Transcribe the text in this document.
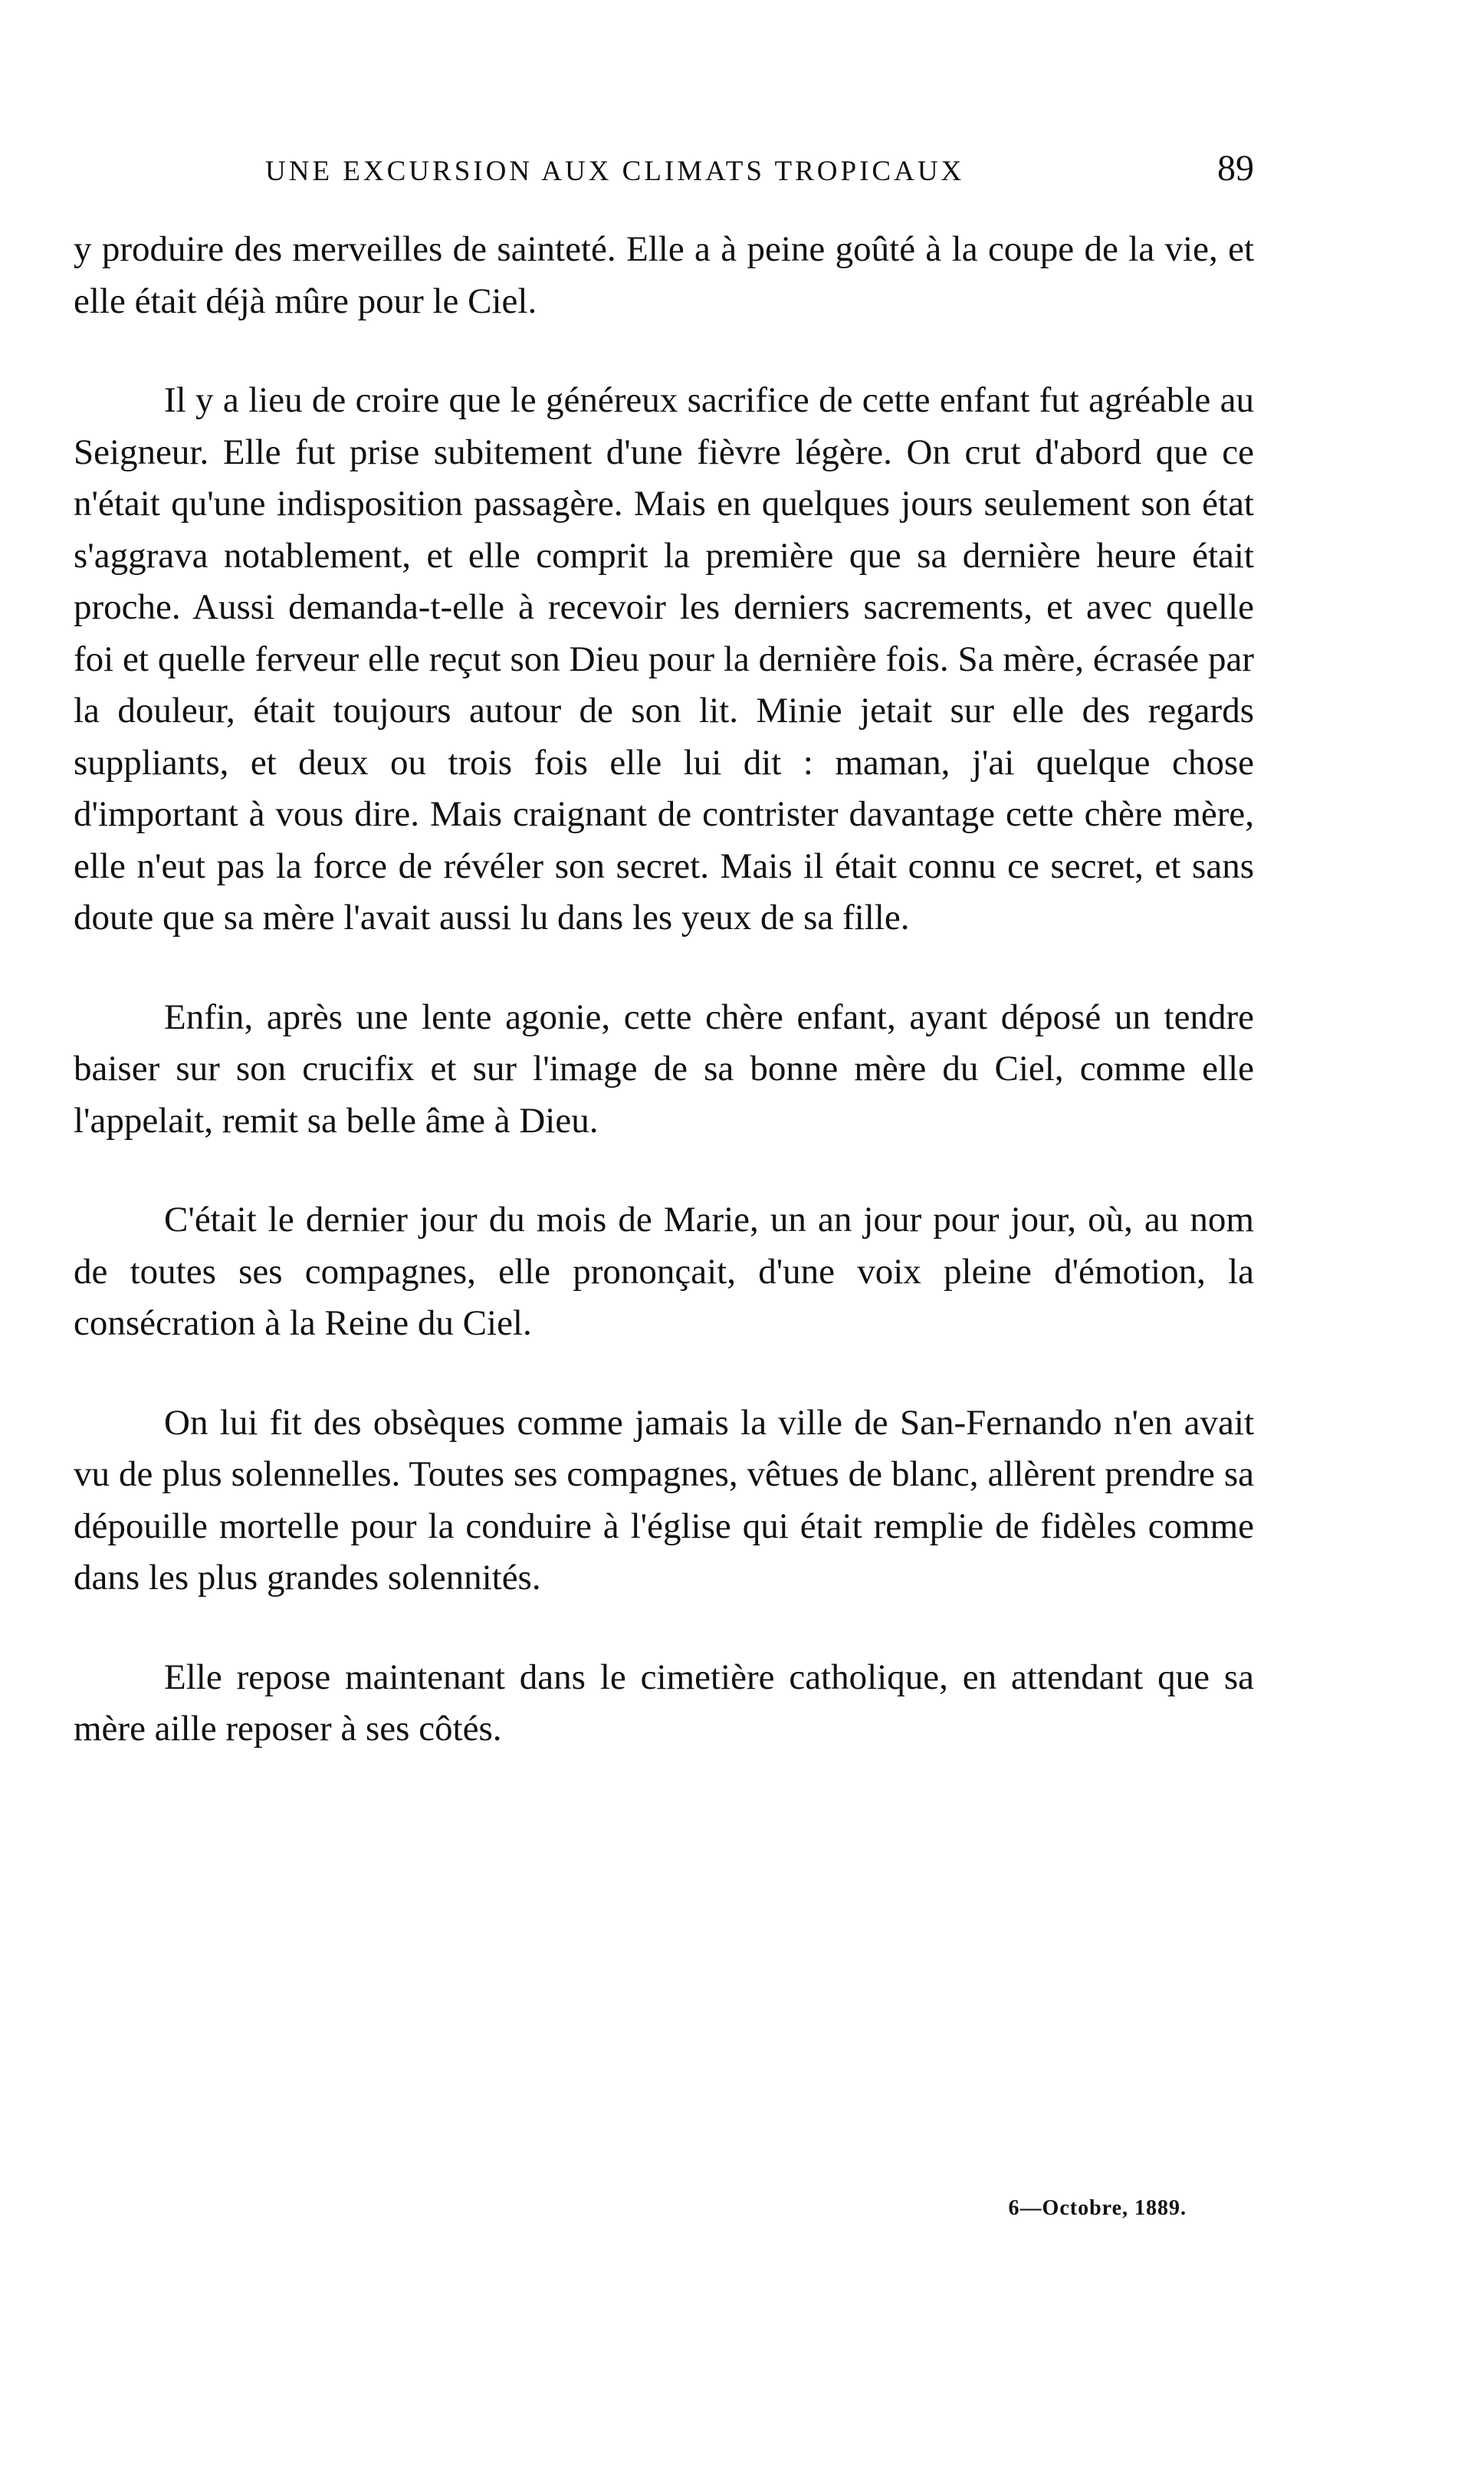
UNE EXCURSION AUX CLIMATS TROPICAUX	89

y produire des merveilles de sainteté. Elle a à peine goûté à la coupe de la vie, et elle était déjà mûre pour le Ciel.

Il y a lieu de croire que le généreux sacrifice de cette enfant fut agréable au Seigneur. Elle fut prise subitement d'une fièvre légère. On crut d'abord que ce n'était qu'une indisposition passagère. Mais en quelques jours seulement son état s'aggrava notablement, et elle comprit la première que sa dernière heure était proche. Aussi demanda-t-elle à recevoir les derniers sacrements, et avec quelle foi et quelle ferveur elle reçut son Dieu pour la dernière fois. Sa mère, écrasée par la douleur, était toujours autour de son lit. Minie jetait sur elle des regards suppliants, et deux ou trois fois elle lui dit : maman, j'ai quelque chose d'important à vous dire. Mais craignant de contrister davantage cette chère mère, elle n'eut pas la force de révéler son secret. Mais il était connu ce secret, et sans doute que sa mère l'avait aussi lu dans les yeux de sa fille.

Enfin, après une lente agonie, cette chère enfant, ayant déposé un tendre baiser sur son crucifix et sur l'image de sa bonne mère du Ciel, comme elle l'appelait, remit sa belle âme à Dieu.

C'était le dernier jour du mois de Marie, un an jour pour jour, où, au nom de toutes ses compagnes, elle prononçait, d'une voix pleine d'émotion, la consécration à la Reine du Ciel.

On lui fit des obsèques comme jamais la ville de San-Fernando n'en avait vu de plus solennelles. Toutes ses compagnes, vêtues de blanc, allèrent prendre sa dépouille mortelle pour la conduire à l'église qui était remplie de fidèles comme dans les plus grandes solennités.

Elle repose maintenant dans le cimetière catholique, en attendant que sa mère aille reposer à ses côtés.

6—Octobre, 1889.
